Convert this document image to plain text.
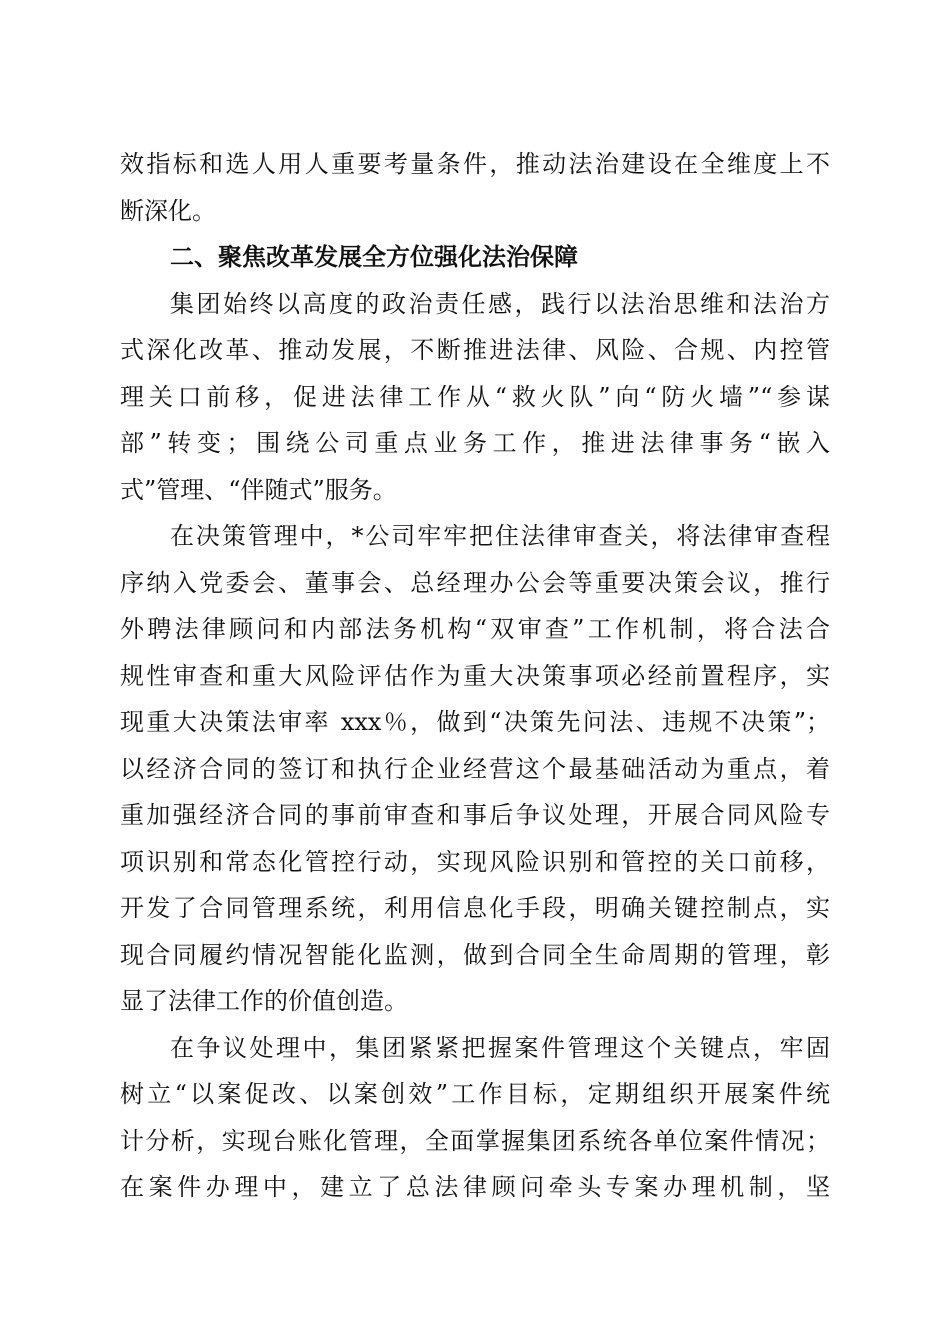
效指标和选人用人重要考量条件，推动法治建设在全维度上不
断深化。
二、聚焦改革发展全方位强化法治保障
集团始终以高度的政治责任感，践行以法治思维和法治方
式深化改革、推动发展，不断推进法律、风险、合规、内控管
理关口前移，促进法律工作从“救火队”向“防火墙”“参谋
部”转变；围绕公司重点业务工作，推进法律事务“嵌入
式”管理、“伴随式”服务。
在决策管理中，*公司牢牢把住法律审查关，将法律审查程
序纳入党委会、董事会、总经理办公会等重要决策会议，推行
外聘法律顾问和内部法务机构“双审查”工作机制，将合法合
规性审查和重大风险评估作为重大决策事项必经前置程序，实
现重大决策法审率 xxx％，做到“决策先问法、违规不决策”；
以经济合同的签订和执行企业经营这个最基础活动为重点，着
重加强经济合同的事前审查和事后争议处理，开展合同风险专
项识别和常态化管控行动，实现风险识别和管控的关口前移，
开发了合同管理系统，利用信息化手段，明确关键控制点，实
现合同履约情况智能化监测，做到合同全生命周期的管理，彰
显了法律工作的价值创造。
在争议处理中，集团紧紧把握案件管理这个关键点，牢固
树立“以案促改、以案创效”工作目标，定期组织开展案件统
计分析，实现台账化管理，全面掌握集团系统各单位案件情况；
在案件办理中，建立了总法律顾问牵头专案办理机制，坚
